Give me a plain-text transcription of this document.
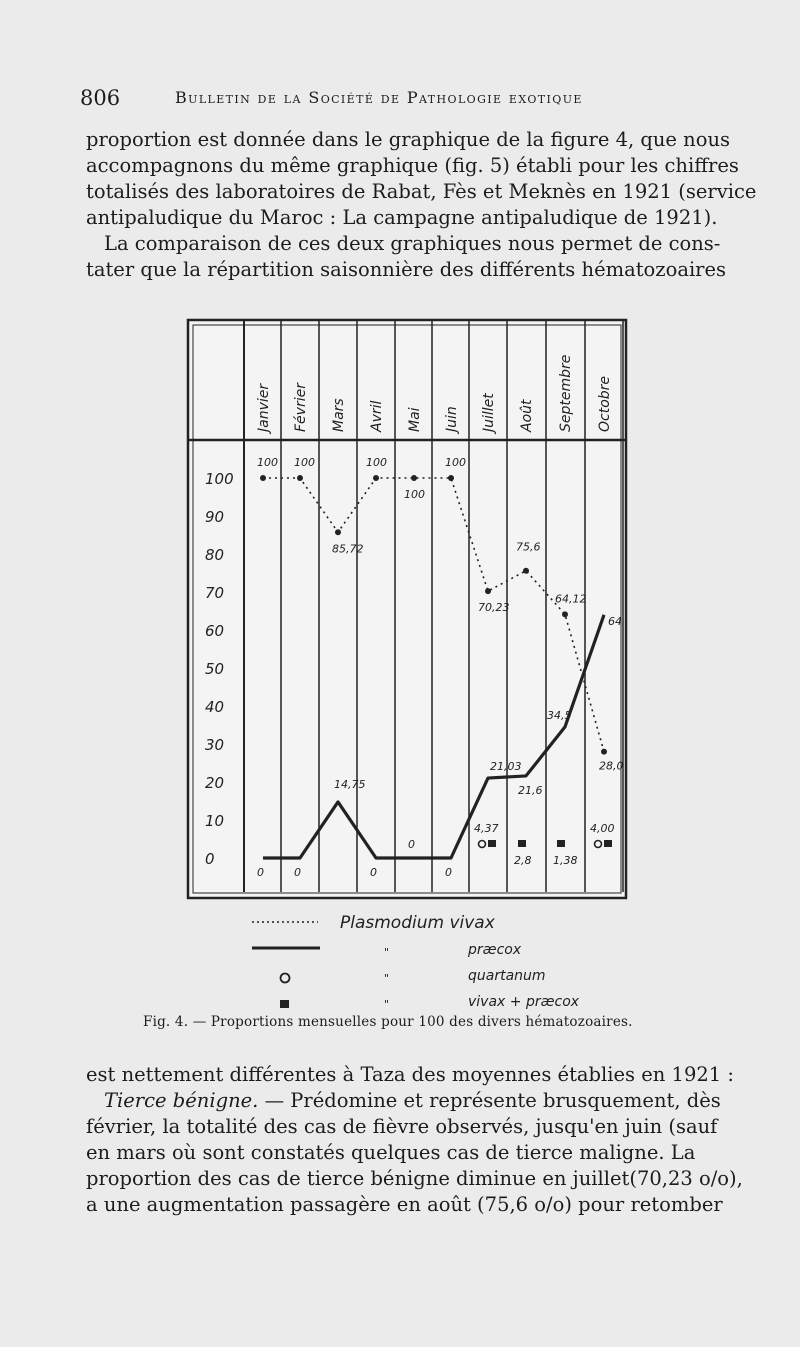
806	Bulletin de la Société de Pathologie exotique
proportion est donnée dans le graphique de la figure 4, que nous
accompagnons du même graphique (fig. 5) établi pour les chiffres
totalisés des laboratoires de Rabat, Fès et Meknès en 1921 (service
antipaludique du Maroc : La campagne antipaludique de 1921).
La comparaison de ces deux graphiques nous permet de cons-
tater que la répartition saisonnière des différents hématozoaires
Janvier Février Mars Avril Mai Juin Juillet Août Septembre Octobre
100
90
80
70
60
50
40
30
20
10
0
100 100
85,72
100
100
100
70,23
75,6
64,12
28,0
0	0
14,75
0
0
0
21,03
21,6
34,5
64
4,37	4,00
2,8 1,38
Plasmodium vivax
"	præcox
"	quartanum
"	vivax + præcox
Fig. 4. — Proportions mensuelles pour 100 des divers hématozoaires.
est nettement différentes à Taza des moyennes établies en 1921 :
Tierce bénigne. — Prédomine et représente brusquement, dès
février, la totalité des cas de fièvre observés, jusqu'en juin (sauf
en mars où sont constatés quelques cas de tierce maligne. La
proportion des cas de tierce bénigne diminue en juillet(70,23 o/o),
a une augmentation passagère en août (75,6 o/o) pour retomber
